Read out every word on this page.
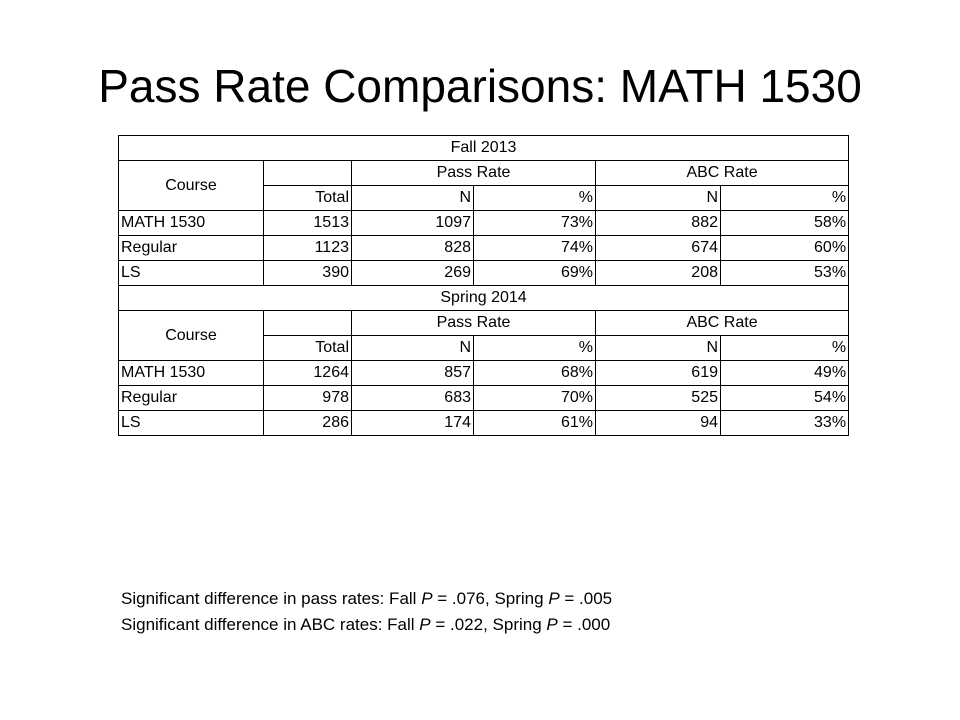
Pass Rate Comparisons: MATH 1530
Fall 2013					
Course		Pass Rate		ABC Rate	
	Total	N	%	N	%
MATH 1530	1513	1097	73%	882	58%
Regular	1123	828	74%	674	60%
LS	390	269	69%	208	53%
Spring 2014					
Course		Pass Rate		ABC Rate	
	Total	N	%	N	%
MATH 1530	1264	857	68%	619	49%
Regular	978	683	70%	525	54%
LS	286	174	61%	94	33%
Significant difference in pass rates: Fall P = .076, Spring P = .005
Significant difference in ABC rates: Fall P = .022, Spring P = .000
